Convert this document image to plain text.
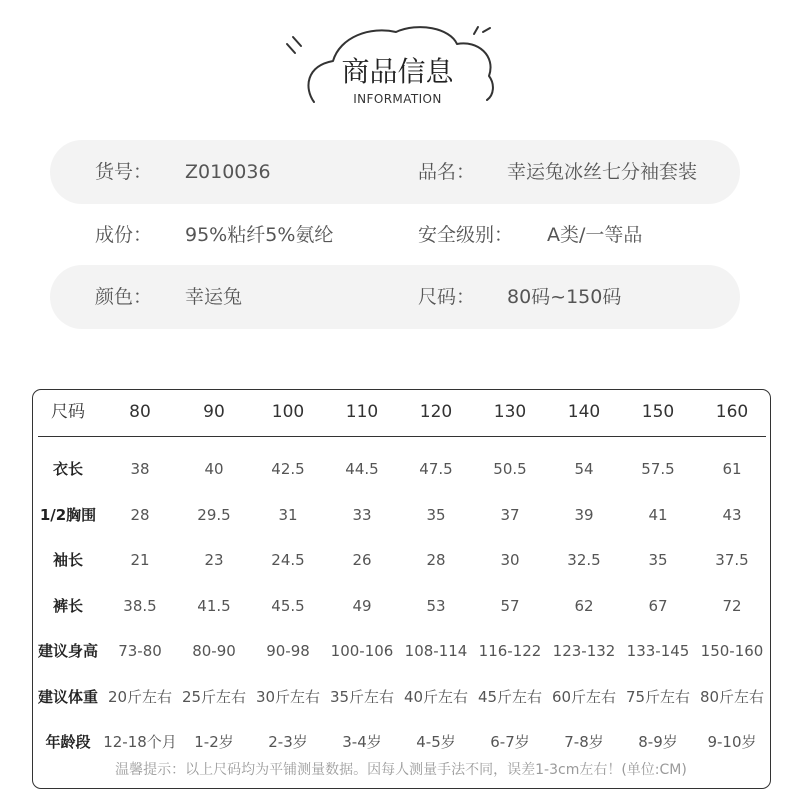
商品信息
INFORMATION
货号： Z010036	品名： 幸运兔冰丝七分袖套装
成份： 95%粘纤5%氨纶	安全级别： A类/一等品
颜色： 幸运兔	尺码： 80码~150码
尺码	80	90	100	110	120	130	140	150	160
衣长	38	40	42.5	44.5	47.5	50.5	54	57.5	61
1/2胸围	28	29.5	31	33	35	37	39	41	43
袖长	21	23	24.5	26	28	30	32.5	35	37.5
裤长	38.5	41.5	45.5	49	53	57	62	67	72
建议身高	73-80	80-90	90-98	100-106 108-114 116-122 123-132 133-145 150-160
建议体重 20斤左右 25斤左右 30斤左右 35斤左右 40斤左右 45斤左右 60斤左右 75斤左右 80斤左右
年龄段 12-18个月	1-2岁	2-3岁	3-4岁	4-5岁	6-7岁	7-8岁	8-9岁	9-10岁
温馨提示：以上尺码均为平铺测量数据。因每人测量手法不同，误差1-3cm左右！(单位:CM)
